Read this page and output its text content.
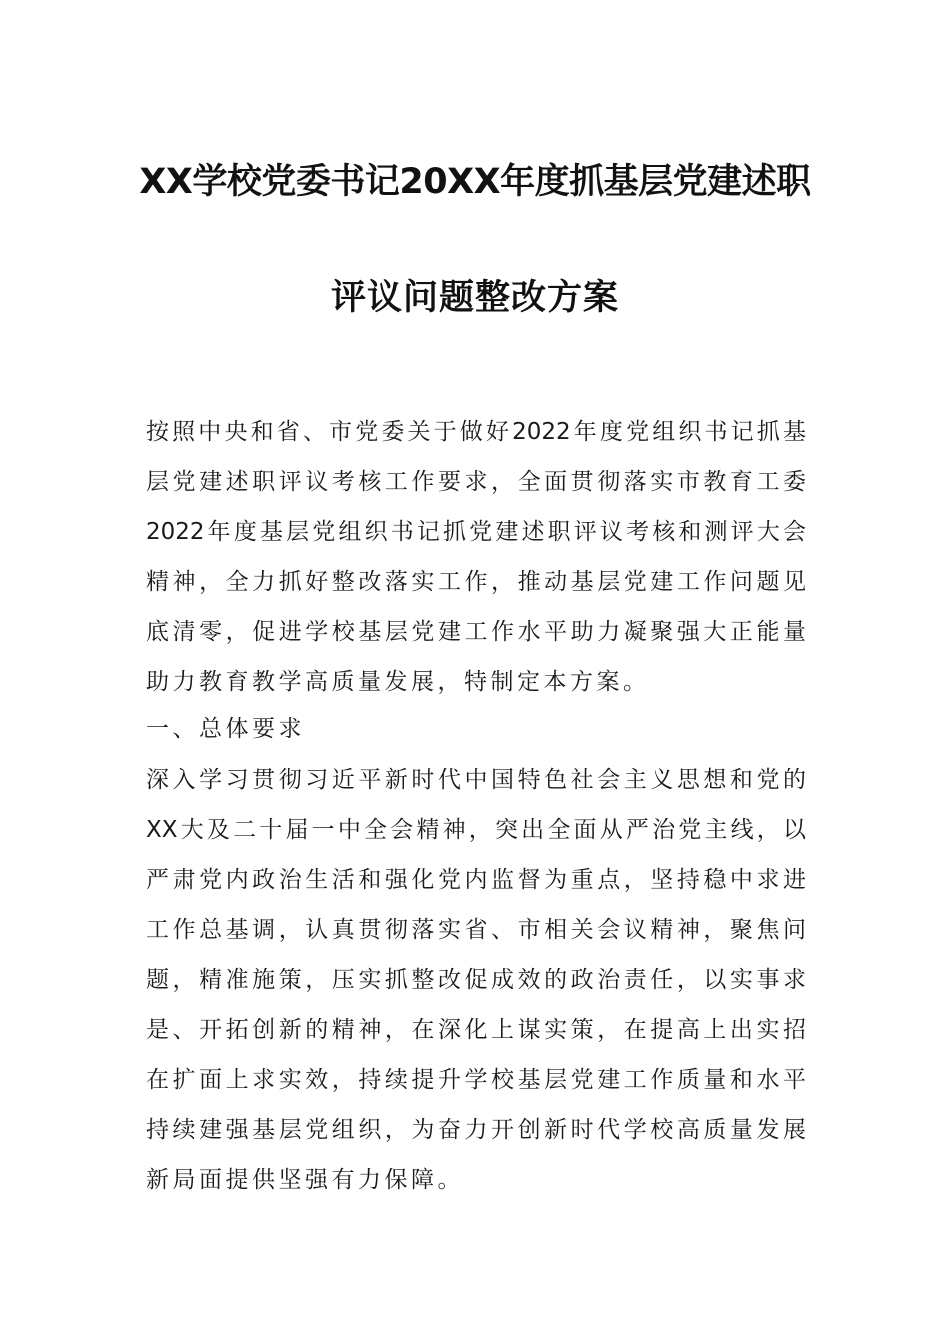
XX学校党委书记20XX年度抓基层党建述职
评议问题整改方案
按照中央和省、市党委关于做好2022年度党组织书记抓基
层党建述职评议考核工作要求，全面贯彻落实市教育工委
2022年度基层党组织书记抓党建述职评议考核和测评大会
精神，全力抓好整改落实工作，推动基层党建工作问题见
底清零，促进学校基层党建工作水平助力凝聚强大正能量
助力教育教学高质量发展，特制定本方案。
一、总体要求
深入学习贯彻习近平新时代中国特色社会主义思想和党的
XX大及二十届一中全会精神，突出全面从严治党主线，以
严肃党内政治生活和强化党内监督为重点，坚持稳中求进
工作总基调，认真贯彻落实省、市相关会议精神，聚焦问
题，精准施策，压实抓整改促成效的政治责任，以实事求
是、开拓创新的精神，在深化上谋实策，在提高上出实招
在扩面上求实效，持续提升学校基层党建工作质量和水平
持续建强基层党组织，为奋力开创新时代学校高质量发展
新局面提供坚强有力保障。
